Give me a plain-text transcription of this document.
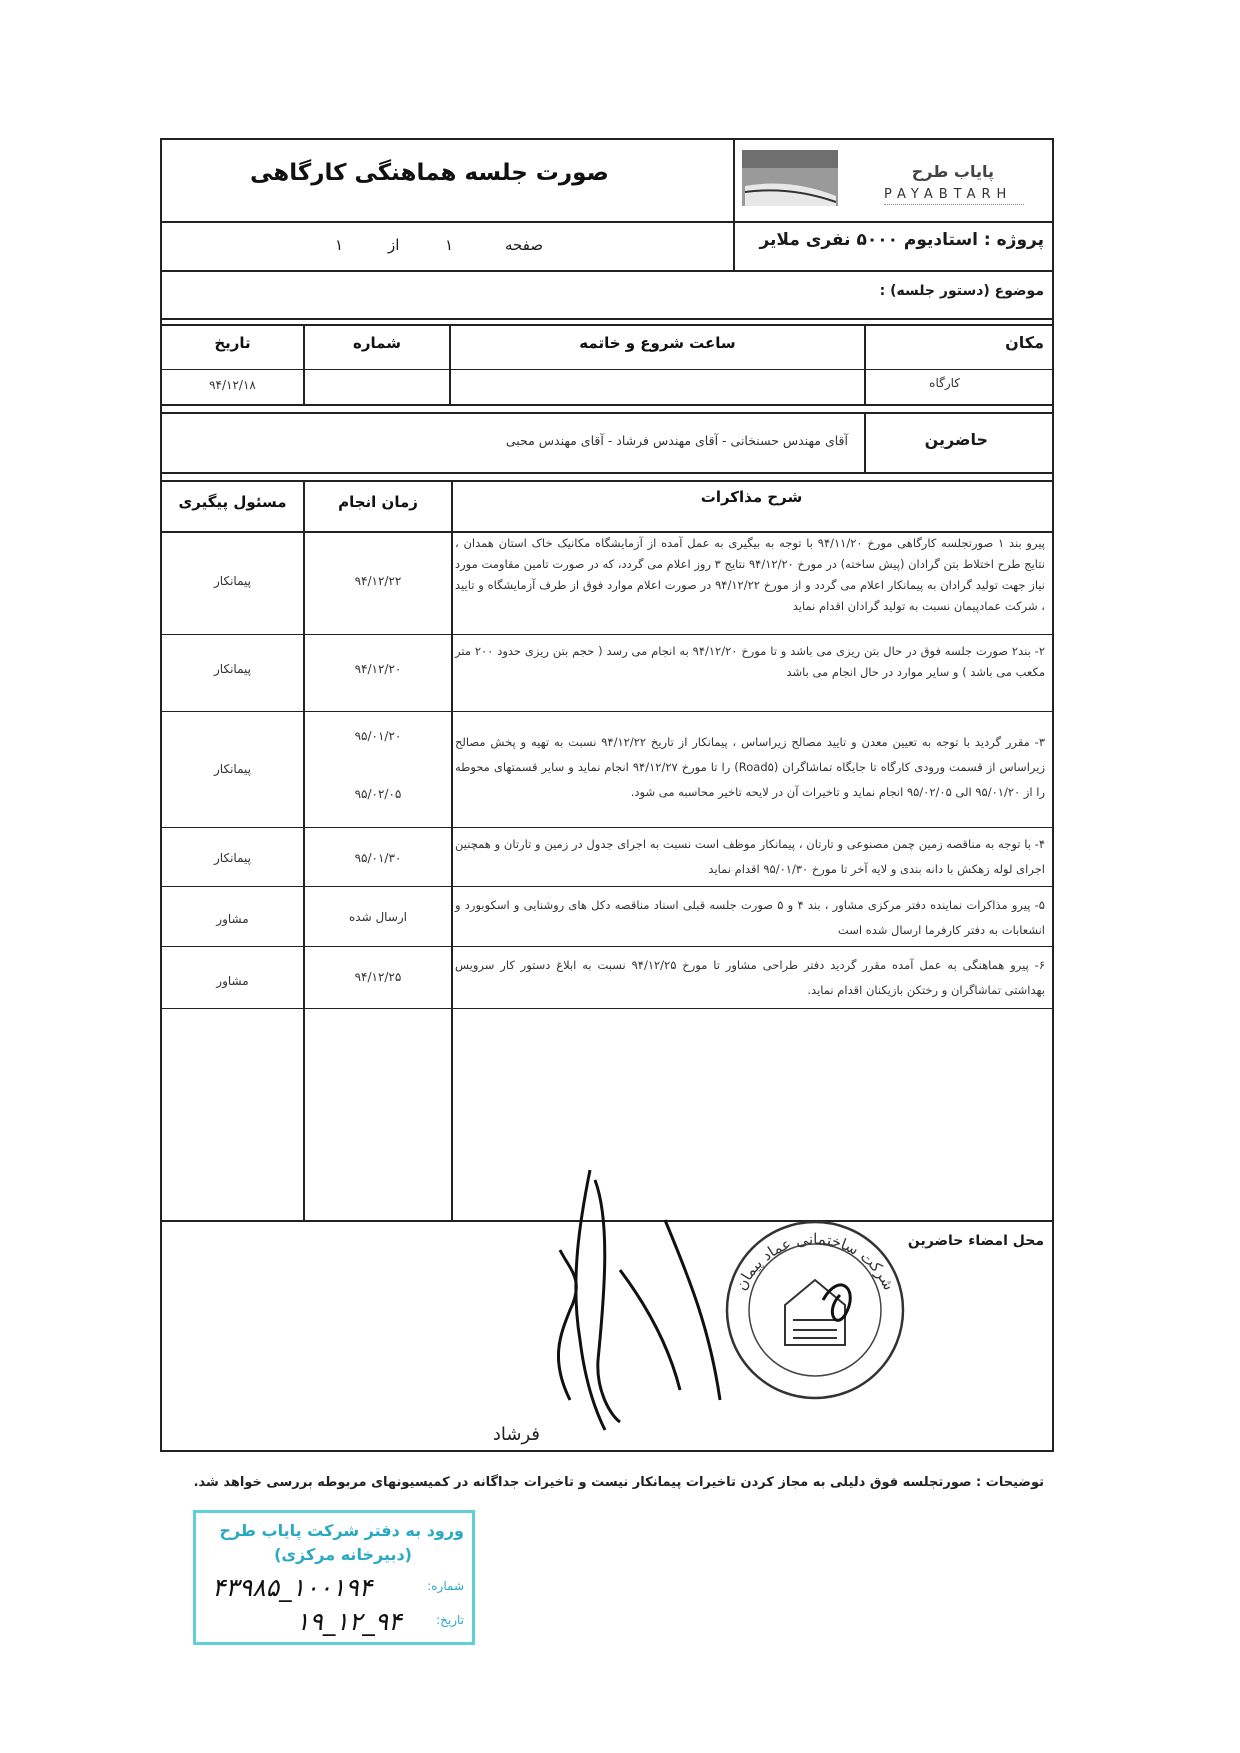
صورت جلسه هماهنگی کارگاهی
	پایاب طرح
PAYABTARH
پروژه : استادیوم ۵۰۰۰ نفری ملایر
صفحه
۱
از
۱
موضوع (دستور جلسه) :
مکان
ساعت شروع و خاتمه
شماره
تاریخ
کارگاه
۹۴/۱۲/۱۸
حاضرین
آقای مهندس حسنخانی - آقای مهندس فرشاد - آقای مهندس محبی
شرح مذاکرات
زمان انجام
مسئول پیگیری
پیرو بند ۱ صورتجلسه کارگاهی مورخ ۹۴/۱۱/۲۰ با توجه به بیگیری به عمل آمده از آزمایشگاه مکانیک خاک استان همدان ، نتایج طرح اختلاط بتن گرادان (پیش ساخته) در مورخ ۹۴/۱۲/۲۰ نتایج ۳ روز اعلام می گردد، که در صورت تامین مقاومت مورد نیاز جهت تولید گرادان به پیمانکار اعلام می گردد و از مورخ ۹۴/۱۲/۲۲ در صورت اعلام موارد فوق از طرف آزمایشگاه و تایید ، شرکت عمادپیمان نسبت به تولید گرادان اقدام نماید
۹۴/۱۲/۲۲
پیمانکار
۲- بند۲ صورت جلسه فوق در حال بتن ریزی می باشد و تا مورخ ۹۴/۱۲/۲۰ به انجام می رسد ( حجم بتن ریزی حدود ۲۰۰ متر مکعب می باشد ) و سایر موارد در حال انجام می باشد
۹۴/۱۲/۲۰
پیمانکار
۳- مقرر گردید با توجه به تعیین معدن و تایید مصالح زیراساس ، پیمانکار از تاریخ ۹۴/۱۲/۲۲ نسبت به تهیه و پخش مصالح زیراساس از قسمت ورودی کارگاه تا جایگاه تماشاگران (Road۵) را تا مورخ ۹۴/۱۲/۲۷ انجام نماید و سایر قسمتهای محوطه را از ۹۵/۰۱/۲۰ الی ۹۵/۰۲/۰۵ انجام نماید و تاخیرات آن در لایحه تاخیر محاسبه می شود.
۹۵/۰۱/۲۰
۹۵/۰۲/۰۵
پیمانکار
۴- با توجه به مناقصه زمین چمن مصنوعی و تارتان ، پیمانکار موظف است نسبت به اجرای جدول در زمین و تارتان و همچنین اجرای لوله زهکش با دانه بندی و لایه آخر تا مورخ ۹۵/۰۱/۳۰ اقدام نماید
۹۵/۰۱/۳۰
پیمانکار
۵- پیرو مذاکرات نماینده دفتر مرکزی مشاور ، بند ۴ و ۵ صورت جلسه قبلی اسناد مناقصه دکل های روشنایی و اسکوبورد و انشعابات به دفتر کارفرما ارسال شده است
ارسال شده
مشاور
۶- پیرو هماهنگی به عمل آمده مقرر گردید دفتر طراحی مشاور تا مورخ ۹۴/۱۲/۲۵ نسبت به ابلاغ دستور کار سرویس بهداشتی تماشاگران و رختکن بازیکنان اقدام نماید.
۹۴/۱۲/۲۵
مشاور
محل امضاء حاضرین
شرکت ساختمانی عماد پیمان
فرشاد
توضیحات : صورتجلسه فوق دلیلی به مجاز کردن تاخیرات پیمانکار نیست و تاخیرات جداگانه در کمیسیونهای مربوطه بررسی خواهد شد.
ورود به دفتر شرکت پایاب طرح
(دبیرخانه مرکزی)
شماره:
۱۰۰۱۹۴_۴۳۹۸۵
تاریخ:
۹۴_۱۲_۱۹
